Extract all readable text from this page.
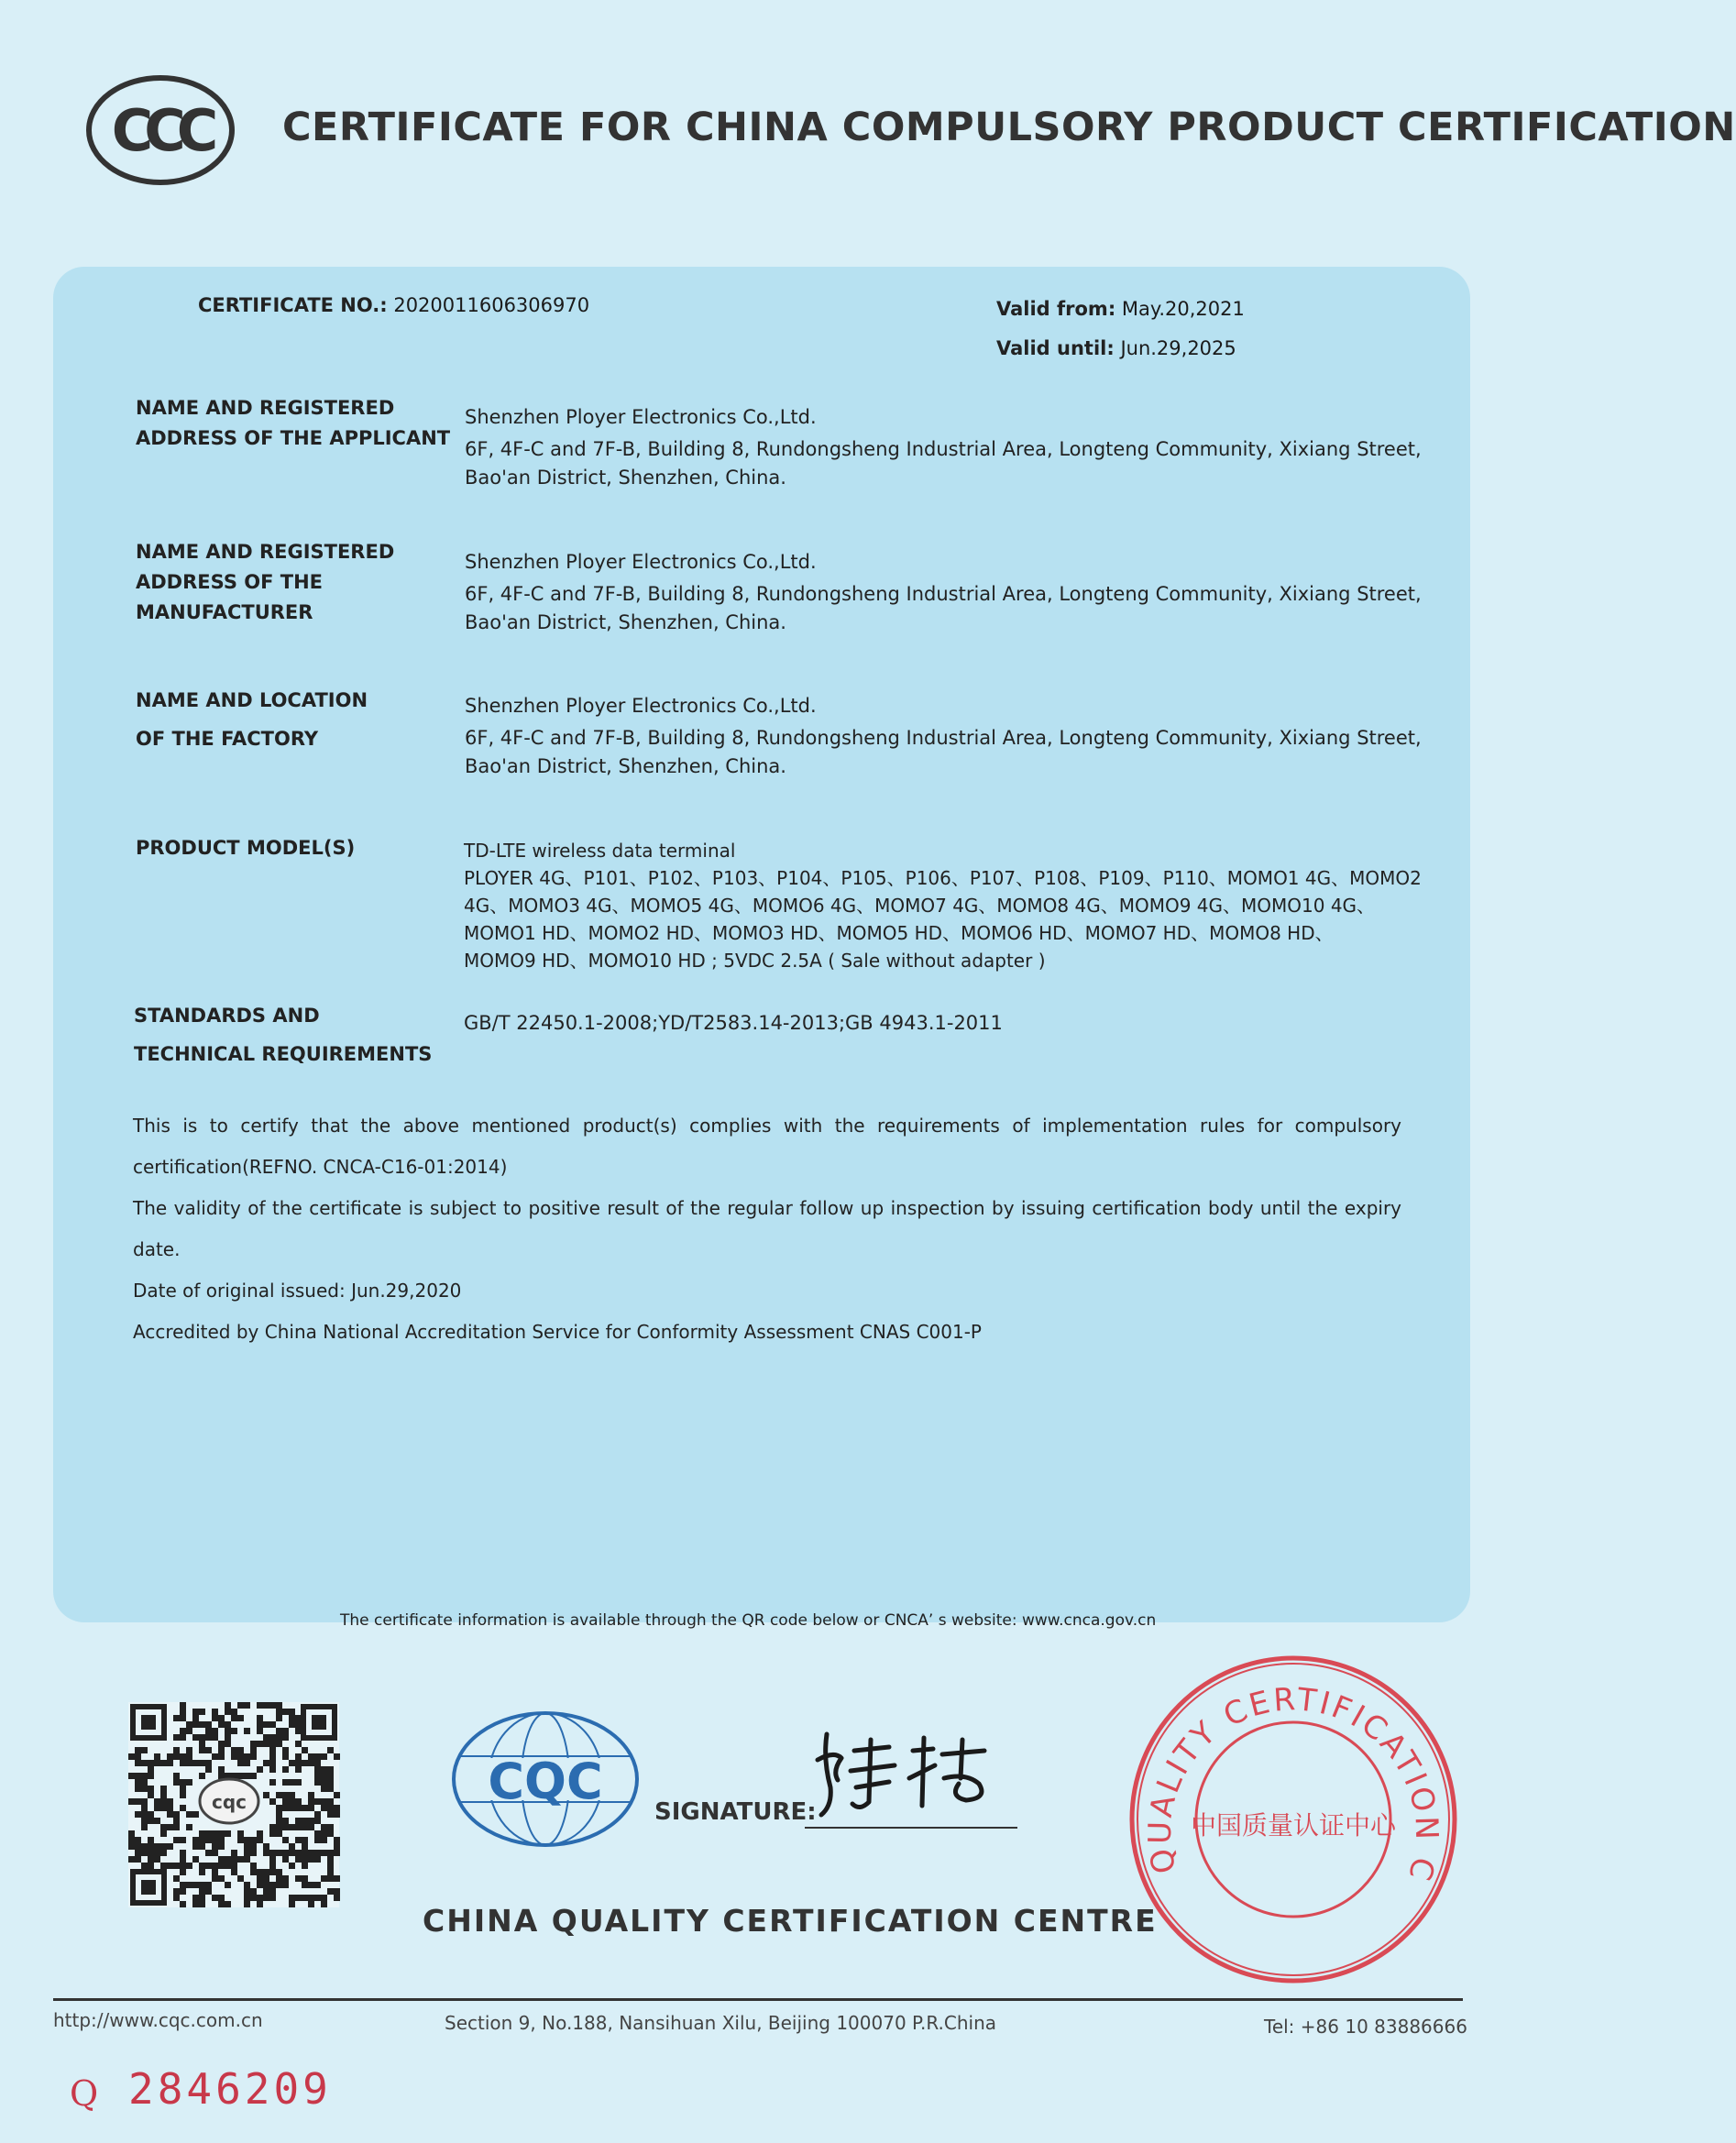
CCC CERTIFICATE FOR CHINA COMPULSORY PRODUCT CERTIFICATION
CERTIFICATE NO.: 2020011606306970	Valid from: May.20,2021
Valid until: Jun.29,2025
NAME AND REGISTERED
ADDRESS OF THE APPLICANT
Shenzhen Ployer Electronics Co.,Ltd.
6F, 4F-C and 7F-B, Building 8, Rundongsheng Industrial Area, Longteng Community, Xixiang Street,
Bao'an District, Shenzhen, China.
NAME AND REGISTERED
ADDRESS OF THE
MANUFACTURER
Shenzhen Ployer Electronics Co.,Ltd.
6F, 4F-C and 7F-B, Building 8, Rundongsheng Industrial Area, Longteng Community, Xixiang Street,
Bao'an District, Shenzhen, China.
NAME AND LOCATION
OF THE FACTORY
Shenzhen Ployer Electronics Co.,Ltd.
6F, 4F-C and 7F-B, Building 8, Rundongsheng Industrial Area, Longteng Community, Xixiang Street,
Bao'an District, Shenzhen, China.
PRODUCT MODEL(S)	TD-LTE wireless data terminal
PLOYER 4G、P101、P102、P103、P104、P105、P106、P107、P108、P109、P110、MOMO1 4G、MOMO2
4G、MOMO3 4G、MOMO5 4G、MOMO6 4G、MOMO7 4G、MOMO8 4G、MOMO9 4G、MOMO10 4G、
MOMO1 HD、MOMO2 HD、MOMO3 HD、MOMO5 HD、MOMO6 HD、MOMO7 HD、MOMO8 HD、
MOMO9 HD、MOMO10 HD ; 5VDC 2.5A ( Sale without adapter )
STANDARDS AND
TECHNICAL REQUIREMENTS
GB/T 22450.1-2008;YD/T2583.14-2013;GB 4943.1-2011
This is to certify that the above mentioned product(s) complies with the requirements of implementation rules for compulsory
certification(REFNO. CNCA-C16-01:2014)
The validity of the certificate is subject to positive result of the regular follow up inspection by issuing certification body until the expiry
date.
Date of original issued: Jun.29,2020
Accredited by China National Accreditation Service for Conformity Assessment CNAS C001-P
The certificate information is available through the QR code below or CNCA’ s website: www.cnca.gov.cn
cqc	CQC
SIGNATURE:
CHINA QUALITY CERTIFICATION CENTRE
QUALITY CERTIFICATION C
中国质量认证中心
http://www.cqc.com.cn	Section 9, No.188, Nansihuan Xilu, Beijing 100070 P.R.China	Tel: +86 10 83886666
Q 2846209
